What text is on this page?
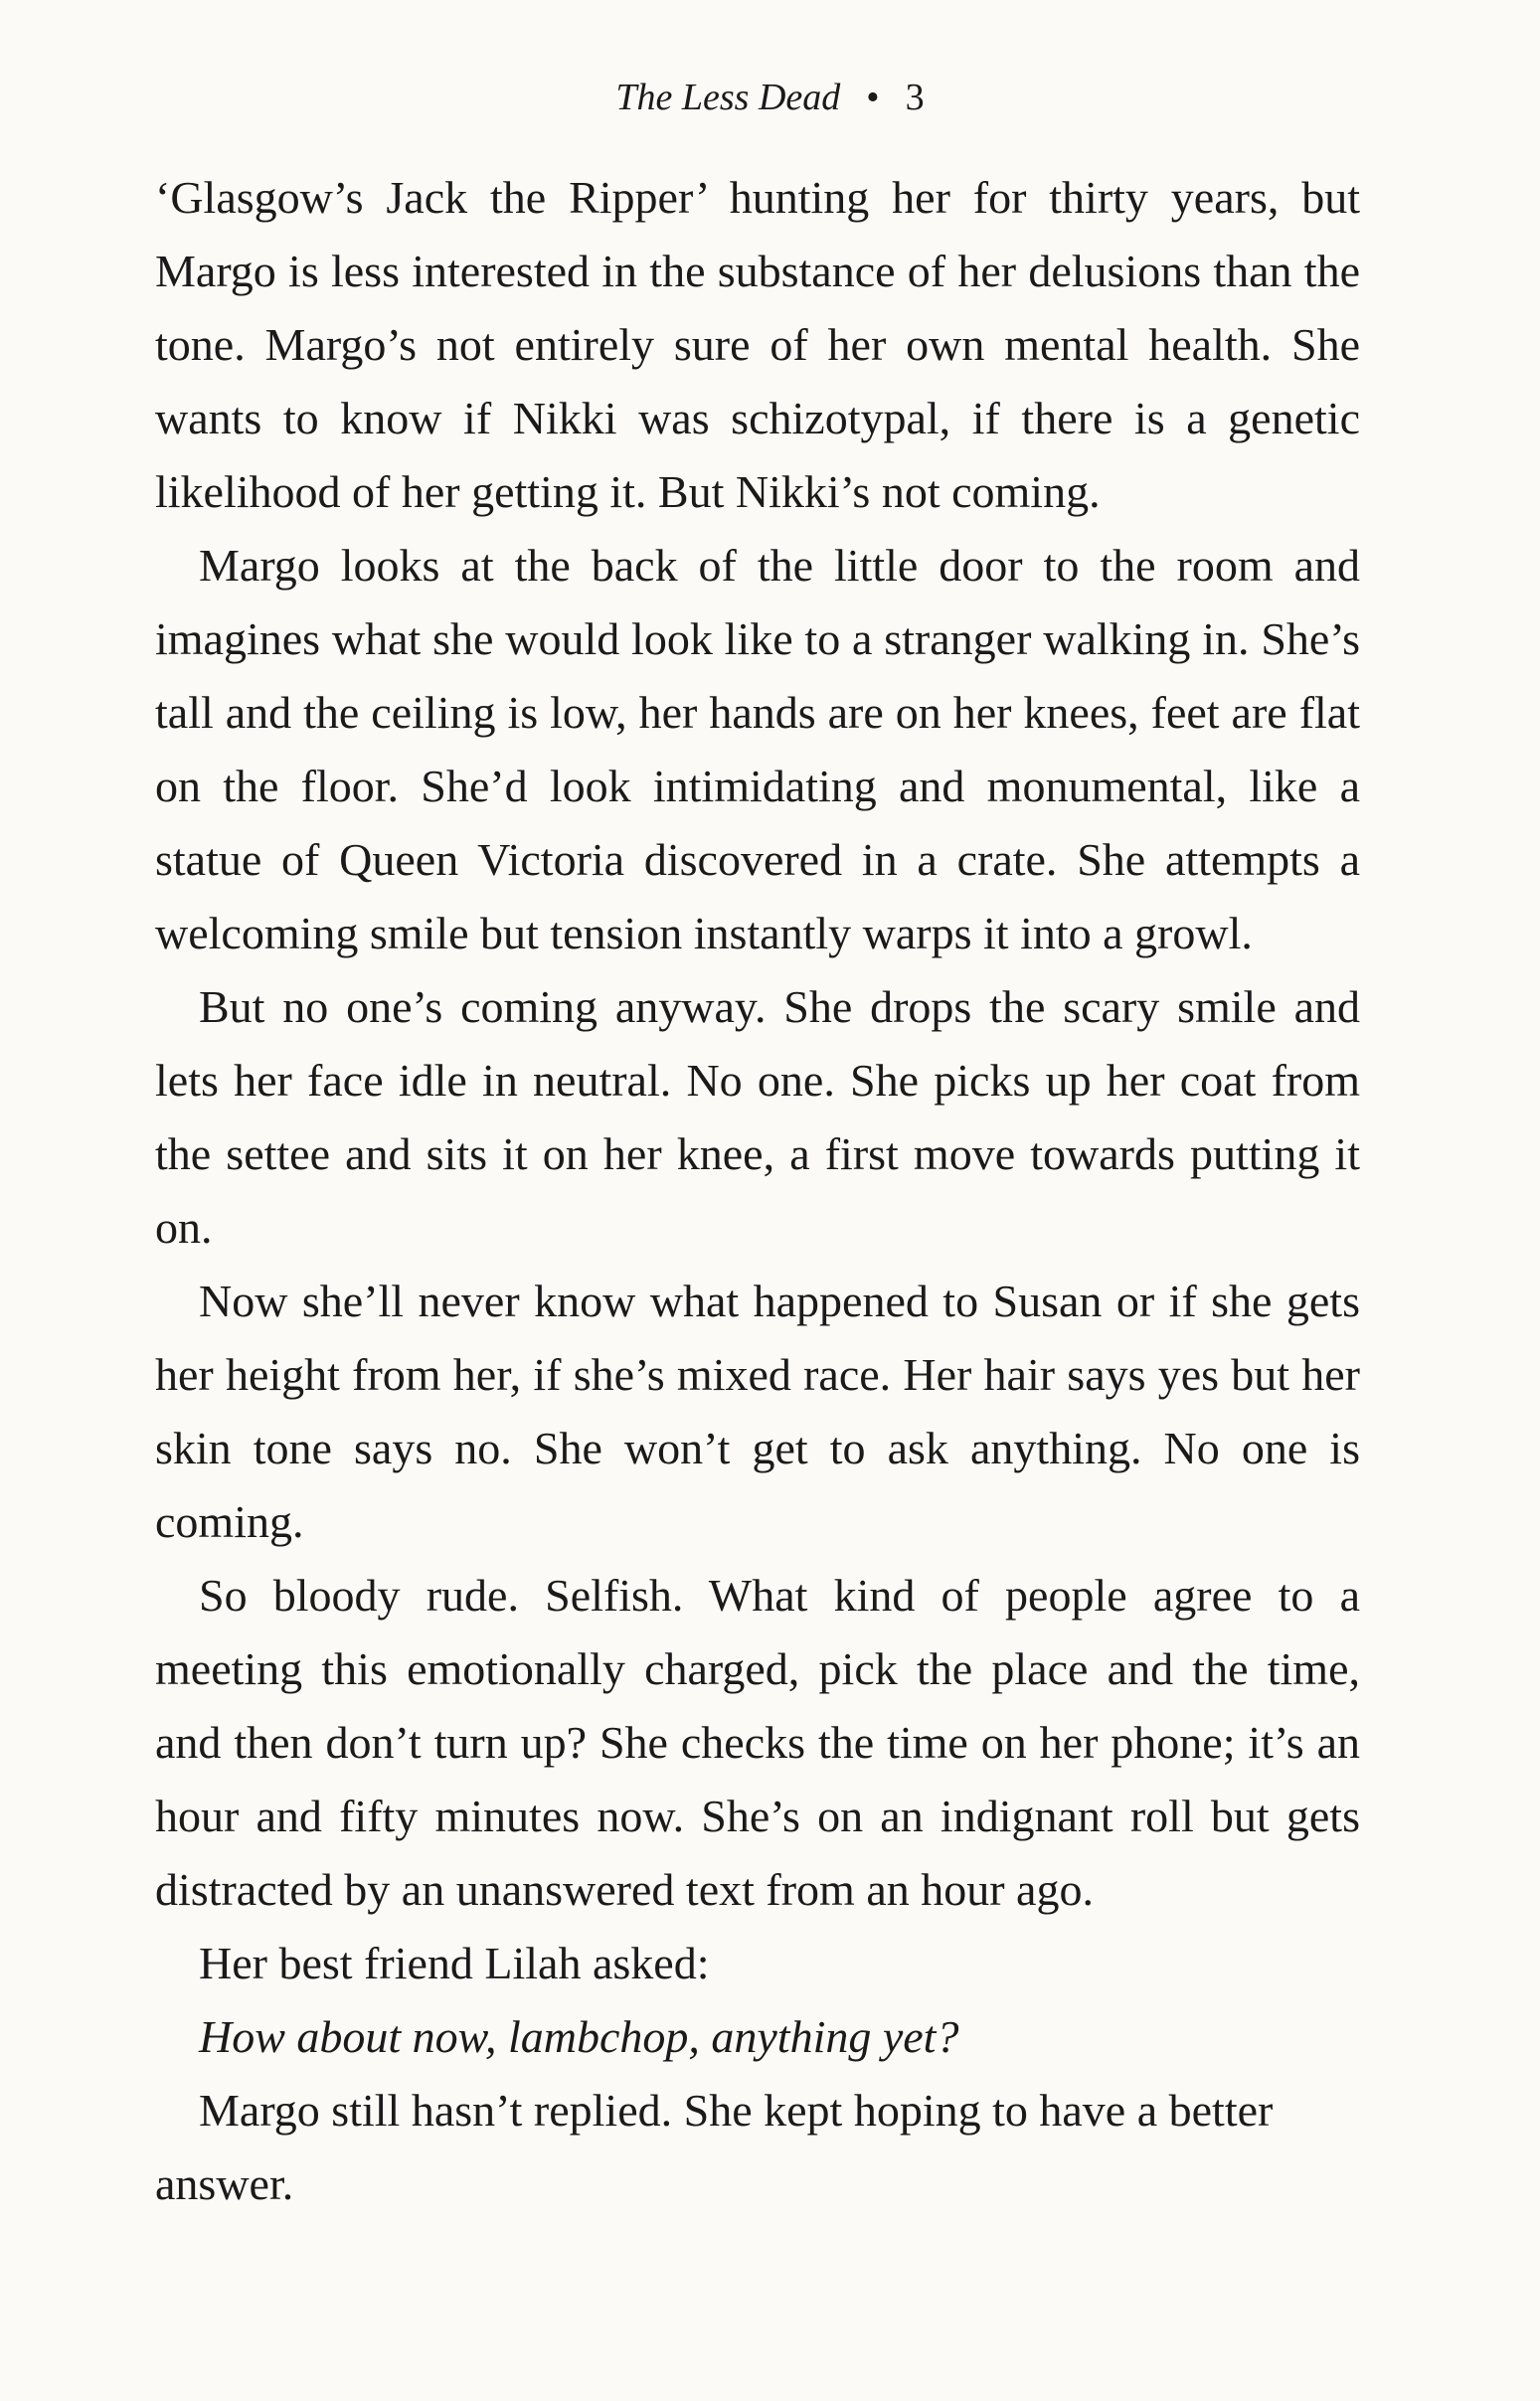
The Less Dead • 3

‘Glasgow’s Jack the Ripper’ hunting her for thirty years, but Margo is less interested in the substance of her delusions than the tone. Margo’s not entirely sure of her own mental health. She wants to know if Nikki was schizotypal, if there is a genetic likelihood of her getting it. But Nikki’s not coming.

Margo looks at the back of the little door to the room and imagines what she would look like to a stranger walking in. She’s tall and the ceiling is low, her hands are on her knees, feet are flat on the floor. She’d look intimidating and monumental, like a statue of Queen Victoria discovered in a crate. She attempts a welcoming smile but tension instantly warps it into a growl.

But no one’s coming anyway. She drops the scary smile and lets her face idle in neutral. No one. She picks up her coat from the settee and sits it on her knee, a first move towards putting it on.

Now she’ll never know what happened to Susan or if she gets her height from her, if she’s mixed race. Her hair says yes but her skin tone says no. She won’t get to ask anything. No one is coming.

So bloody rude. Selfish. What kind of people agree to a meeting this emotionally charged, pick the place and the time, and then don’t turn up? She checks the time on her phone; it’s an hour and fifty minutes now. She’s on an indignant roll but gets distracted by an unanswered text from an hour ago.

Her best friend Lilah asked:

How about now, lambchop, anything yet?

Margo still hasn’t replied. She kept hoping to have a better answer.
